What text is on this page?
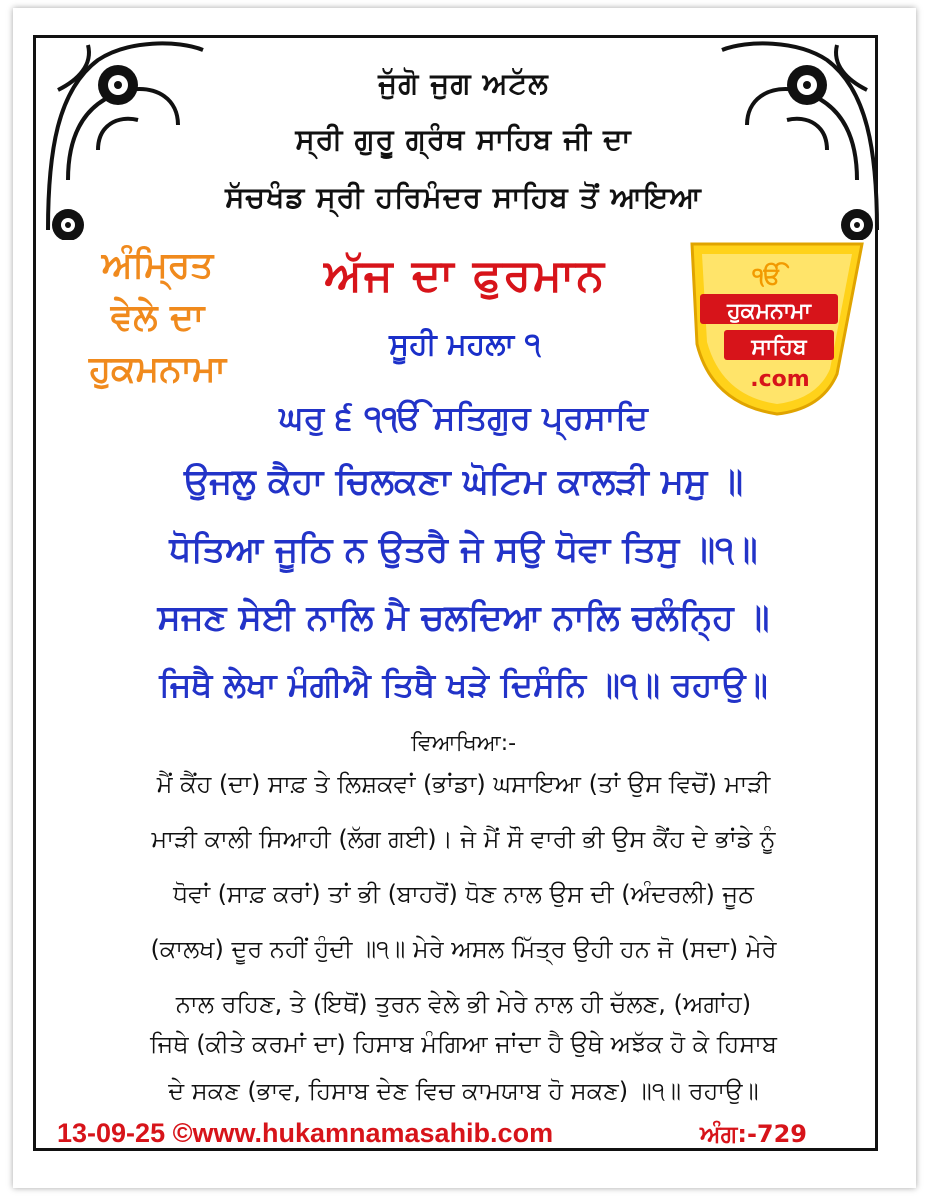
ਜੁੱਗੋ ਜੁਗ ਅਟੱਲ
ਸ੍ਰੀ ਗੁਰੂ ਗ੍ਰੰਥ ਸਾਹਿਬ ਜੀ ਦਾ
ਸੱਚਖੰਡ ਸ੍ਰੀ ਹਰਿਮੰਦਰ ਸਾਹਿਬ ਤੋਂ ਆਇਆ
ਅੰਮ੍ਰਿਤ
ਵੇਲੇ ਦਾ
ਹੁਕਮਨਾਮਾ
ਅੱਜ ਦਾ ਫੁਰਮਾਨ
ਸੂਹੀ ਮਹਲਾ ੧
ੴ
ਹੁਕਮਨਾਮਾ
ਸਾਹਿਬ
.com
ਘਰੁ ੬ ੧ੴ ਸਤਿਗੁਰ ਪ੍ਰਸਾਦਿ
ਉਜਲੁ ਕੈਹਾ ਚਿਲਕਣਾ ਘੋਟਿਮ ਕਾਲੜੀ ਮਸੁ ॥
ਧੋਤਿਆ ਜੂਠਿ ਨ ਉਤਰੈ ਜੇ ਸਉ ਧੋਵਾ ਤਿਸੁ ॥੧॥
ਸਜਣ ਸੇਈ ਨਾਲਿ ਮੈ ਚਲਦਿਆ ਨਾਲਿ ਚਲੰਨ੍ਹਿ ॥
ਜਿਥੈ ਲੇਖਾ ਮੰਗੀਐ ਤਿਥੈ ਖੜੇ ਦਿਸੰਨਿ ॥੧॥ ਰਹਾਉ॥
ਵਿਆਖਿਆ:-
ਮੈਂ ਕੈਂਹ (ਦਾ) ਸਾਫ਼ ਤੇ ਲਿਸ਼ਕਵਾਂ (ਭਾਂਡਾ) ਘਸਾਇਆ (ਤਾਂ ਉਸ ਵਿਚੋਂ) ਮਾੜੀ
ਮਾੜੀ ਕਾਲੀ ਸਿਆਹੀ (ਲੱਗ ਗਈ)। ਜੇ ਮੈਂ ਸੌ ਵਾਰੀ ਭੀ ਉਸ ਕੈਂਹ ਦੇ ਭਾਂਡੇ ਨੂੰ
ਧੋਵਾਂ (ਸਾਫ਼ ਕਰਾਂ) ਤਾਂ ਭੀ (ਬਾਹਰੋਂ) ਧੋਣ ਨਾਲ ਉਸ ਦੀ (ਅੰਦਰਲੀ) ਜੂਠ
(ਕਾਲਖ) ਦੂਰ ਨਹੀਂ ਹੁੰਦੀ ॥੧॥ ਮੇਰੇ ਅਸਲ ਮਿੱਤ੍ਰ ਉਹੀ ਹਨ ਜੋ (ਸਦਾ) ਮੇਰੇ
ਨਾਲ ਰਹਿਣ, ਤੇ (ਇਥੋਂ) ਤੁਰਨ ਵੇਲੇ ਭੀ ਮੇਰੇ ਨਾਲ ਹੀ ਚੱਲਣ, (ਅਗਾਂਹ)
ਜਿਥੇ (ਕੀਤੇ ਕਰਮਾਂ ਦਾ) ਹਿਸਾਬ ਮੰਗਿਆ ਜਾਂਦਾ ਹੈ ਉਥੇ ਅਝੱਕ ਹੋ ਕੇ ਹਿਸਾਬ
ਦੇ ਸਕਣ (ਭਾਵ, ਹਿਸਾਬ ਦੇਣ ਵਿਚ ਕਾਮਯਾਬ ਹੋ ਸਕਣ) ॥੧॥ ਰਹਾਉ॥
13-09-25 ©www.hukamnamasahib.com	ਅੰਗ:-729
